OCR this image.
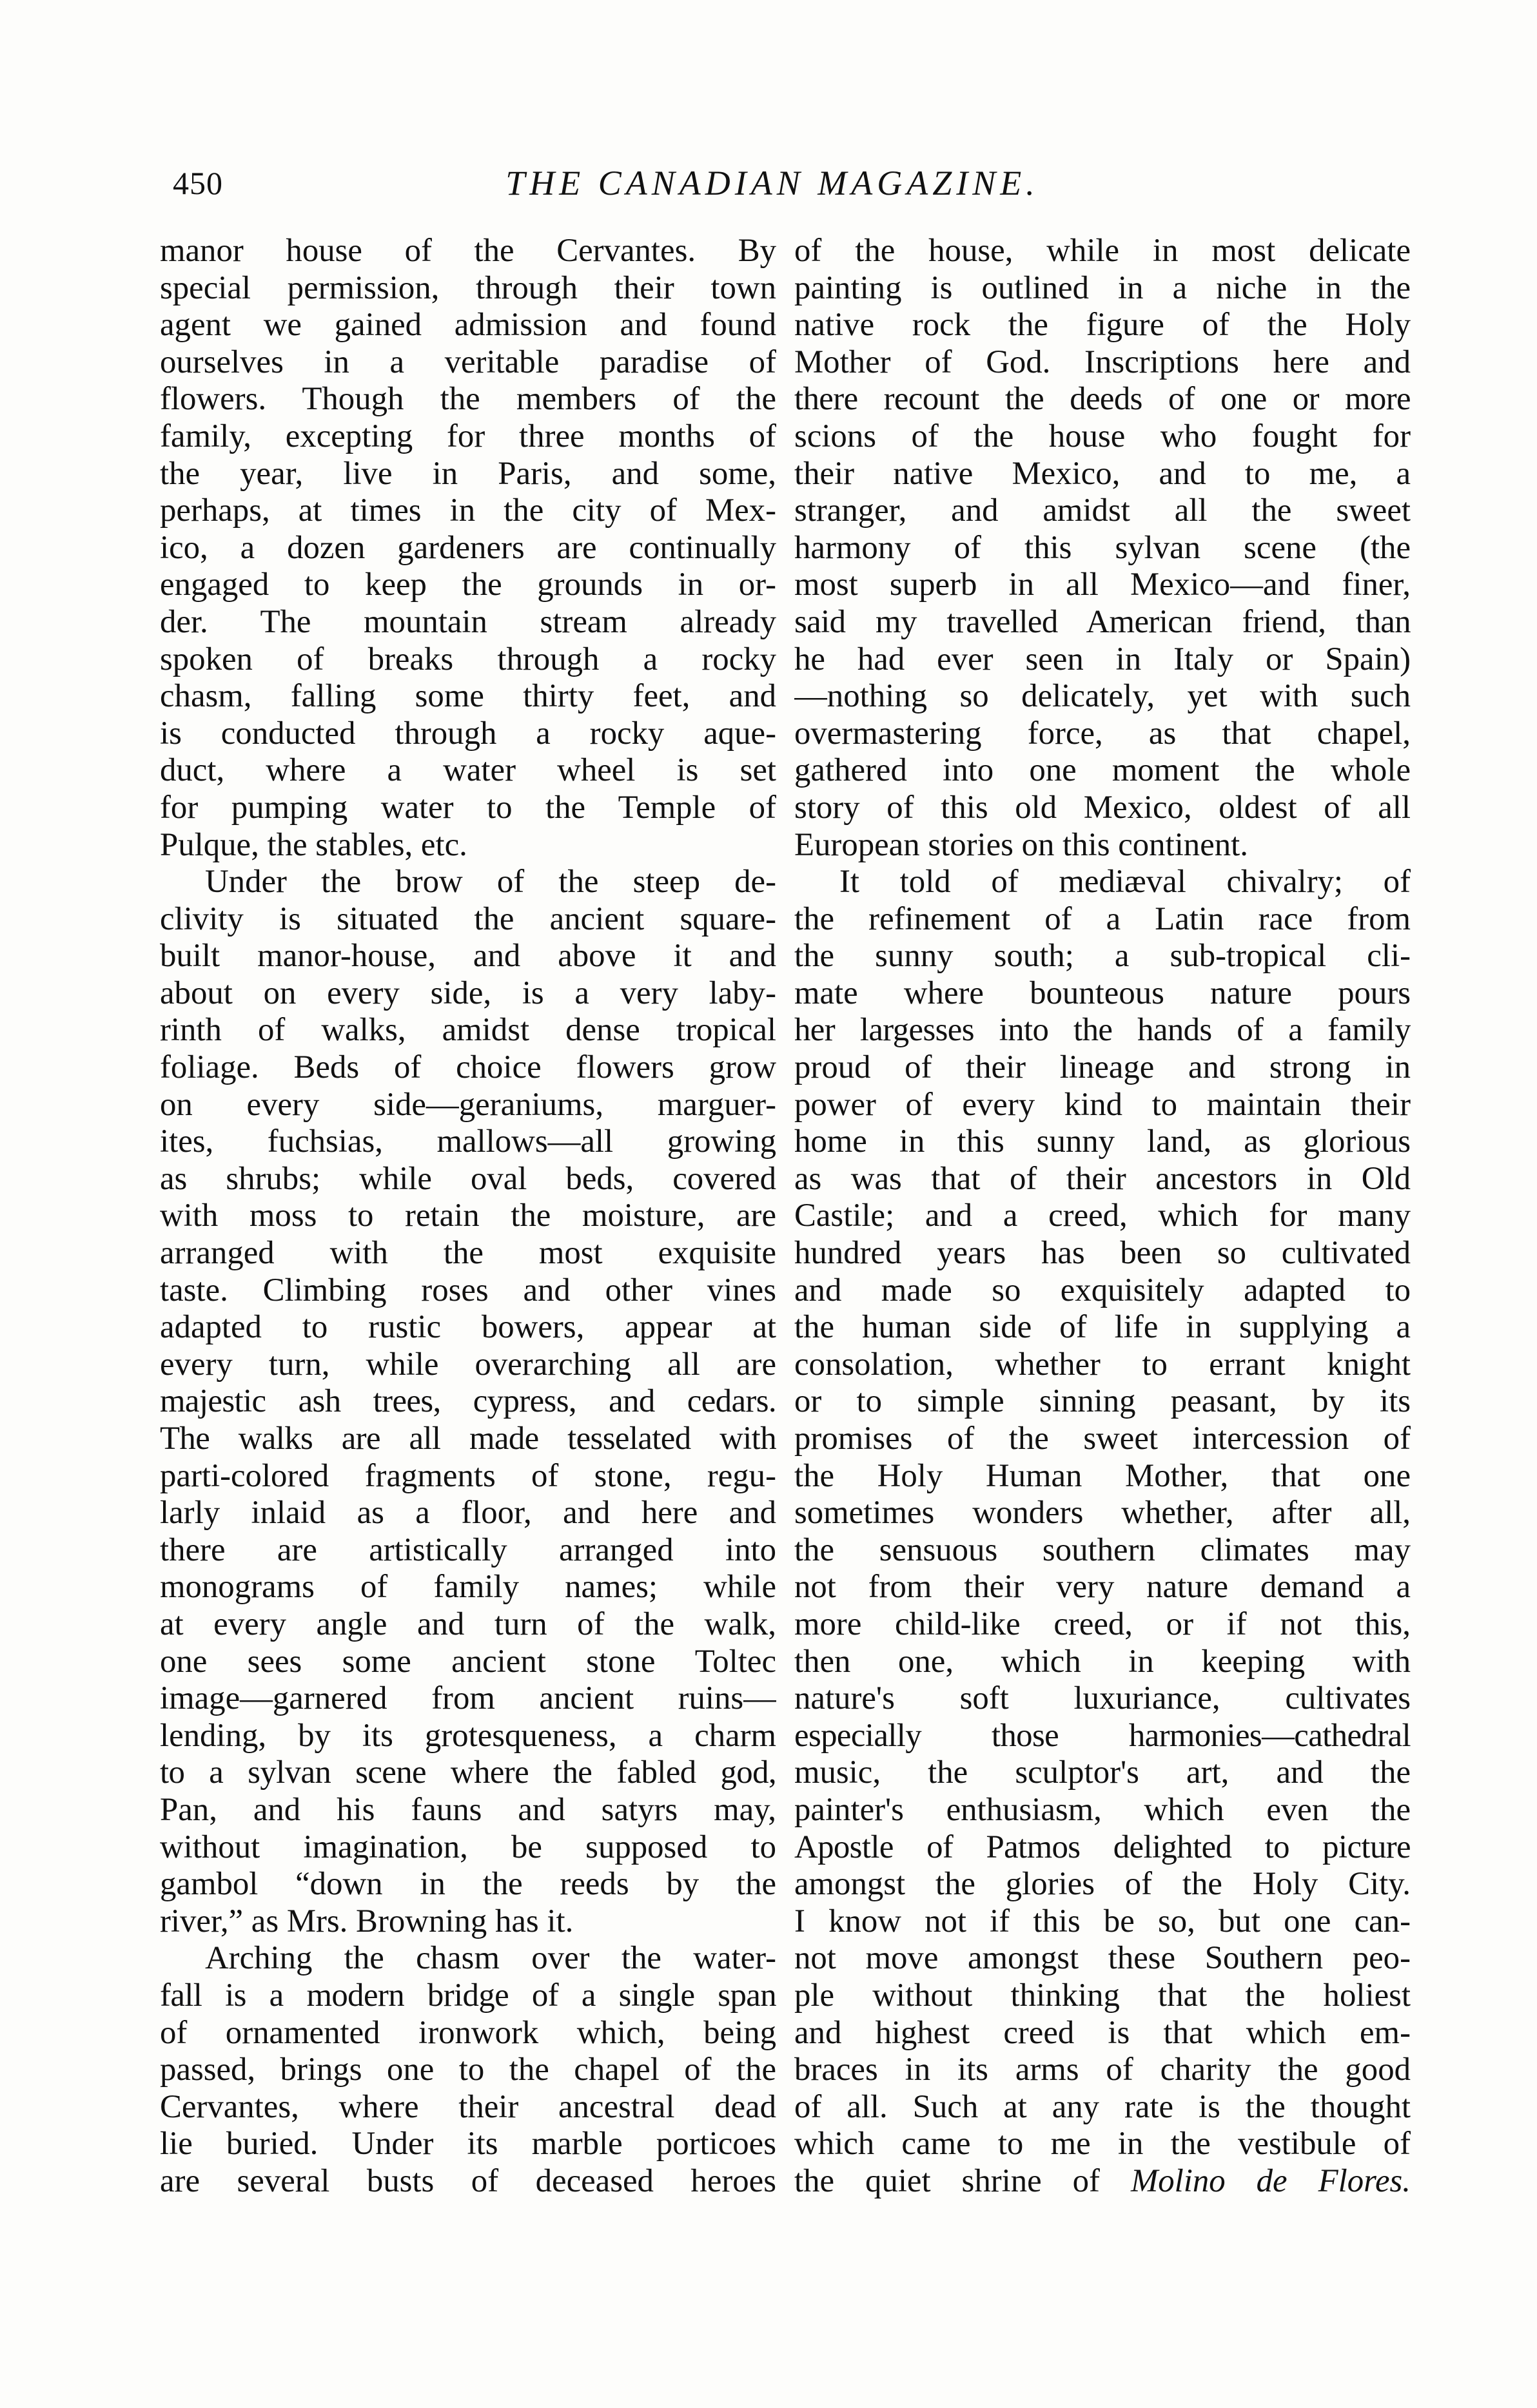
450	THE CANADIAN MAGAZINE.
manor house of the Cervantes. By
special permission, through their town
agent we gained admission and found
ourselves in a veritable paradise of
flowers. Though the members of the
family, excepting for three months of
the year, live in Paris, and some,
perhaps, at times in the city of Mex-
ico, a dozen gardeners are continually
engaged to keep the grounds in or-
der. The mountain stream already
spoken of breaks through a rocky
chasm, falling some thirty feet, and
is conducted through a rocky aque-
duct, where a water wheel is set
for pumping water to the Temple of
Pulque, the stables, etc.
Under the brow of the steep de-
clivity is situated the ancient square-
built manor-house, and above it and
about on every side, is a very laby-
rinth of walks, amidst dense tropical
foliage. Beds of choice flowers grow
on every side—geraniums, marguer-
ites, fuchsias, mallows—all growing
as shrubs; while oval beds, covered
with moss to retain the moisture, are
arranged with the most exquisite
taste. Climbing roses and other vines
adapted to rustic bowers, appear at
every turn, while overarching all are
majestic ash trees, cypress, and cedars.
The walks are all made tesselated with
parti-colored fragments of stone, regu-
larly inlaid as a floor, and here and
there are artistically arranged into
monograms of family names; while
at every angle and turn of the walk,
one sees some ancient stone Toltec
image—garnered from ancient ruins—
lending, by its grotesqueness, a charm
to a sylvan scene where the fabled god,
Pan, and his fauns and satyrs may,
without imagination, be supposed to
gambol “down in the reeds by the
river,” as Mrs. Browning has it.
Arching the chasm over the water-
fall is a modern bridge of a single span
of ornamented ironwork which, being
passed, brings one to the chapel of the
Cervantes, where their ancestral dead
lie buried. Under its marble porticoes
are several busts of deceased heroes
of the house, while in most delicate
painting is outlined in a niche in the
native rock the figure of the Holy
Mother of God. Inscriptions here and
there recount the deeds of one or more
scions of the house who fought for
their native Mexico, and to me, a
stranger, and amidst all the sweet
harmony of this sylvan scene (the
most superb in all Mexico—and finer,
said my travelled American friend, than
he had ever seen in Italy or Spain)
—nothing so delicately, yet with such
overmastering force, as that chapel,
gathered into one moment the whole
story of this old Mexico, oldest of all
European stories on this continent.
It told of mediæval chivalry; of
the refinement of a Latin race from
the sunny south; a sub-tropical cli-
mate where bounteous nature pours
her largesses into the hands of a family
proud of their lineage and strong in
power of every kind to maintain their
home in this sunny land, as glorious
as was that of their ancestors in Old
Castile; and a creed, which for many
hundred years has been so cultivated
and made so exquisitely adapted to
the human side of life in supplying a
consolation, whether to errant knight
or to simple sinning peasant, by its
promises of the sweet intercession of
the Holy Human Mother, that one
sometimes wonders whether, after all,
the sensuous southern climates may
not from their very nature demand a
more child-like creed, or if not this,
then one, which in keeping with
nature's soft luxuriance, cultivates
especially those harmonies—cathedral
music, the sculptor's art, and the
painter's enthusiasm, which even the
Apostle of Patmos delighted to picture
amongst the glories of the Holy City.
I know not if this be so, but one can-
not move amongst these Southern peo-
ple without thinking that the holiest
and highest creed is that which em-
braces in its arms of charity the good
of all. Such at any rate is the thought
which came to me in the vestibule of
the quiet shrine of Molino de Flores.
